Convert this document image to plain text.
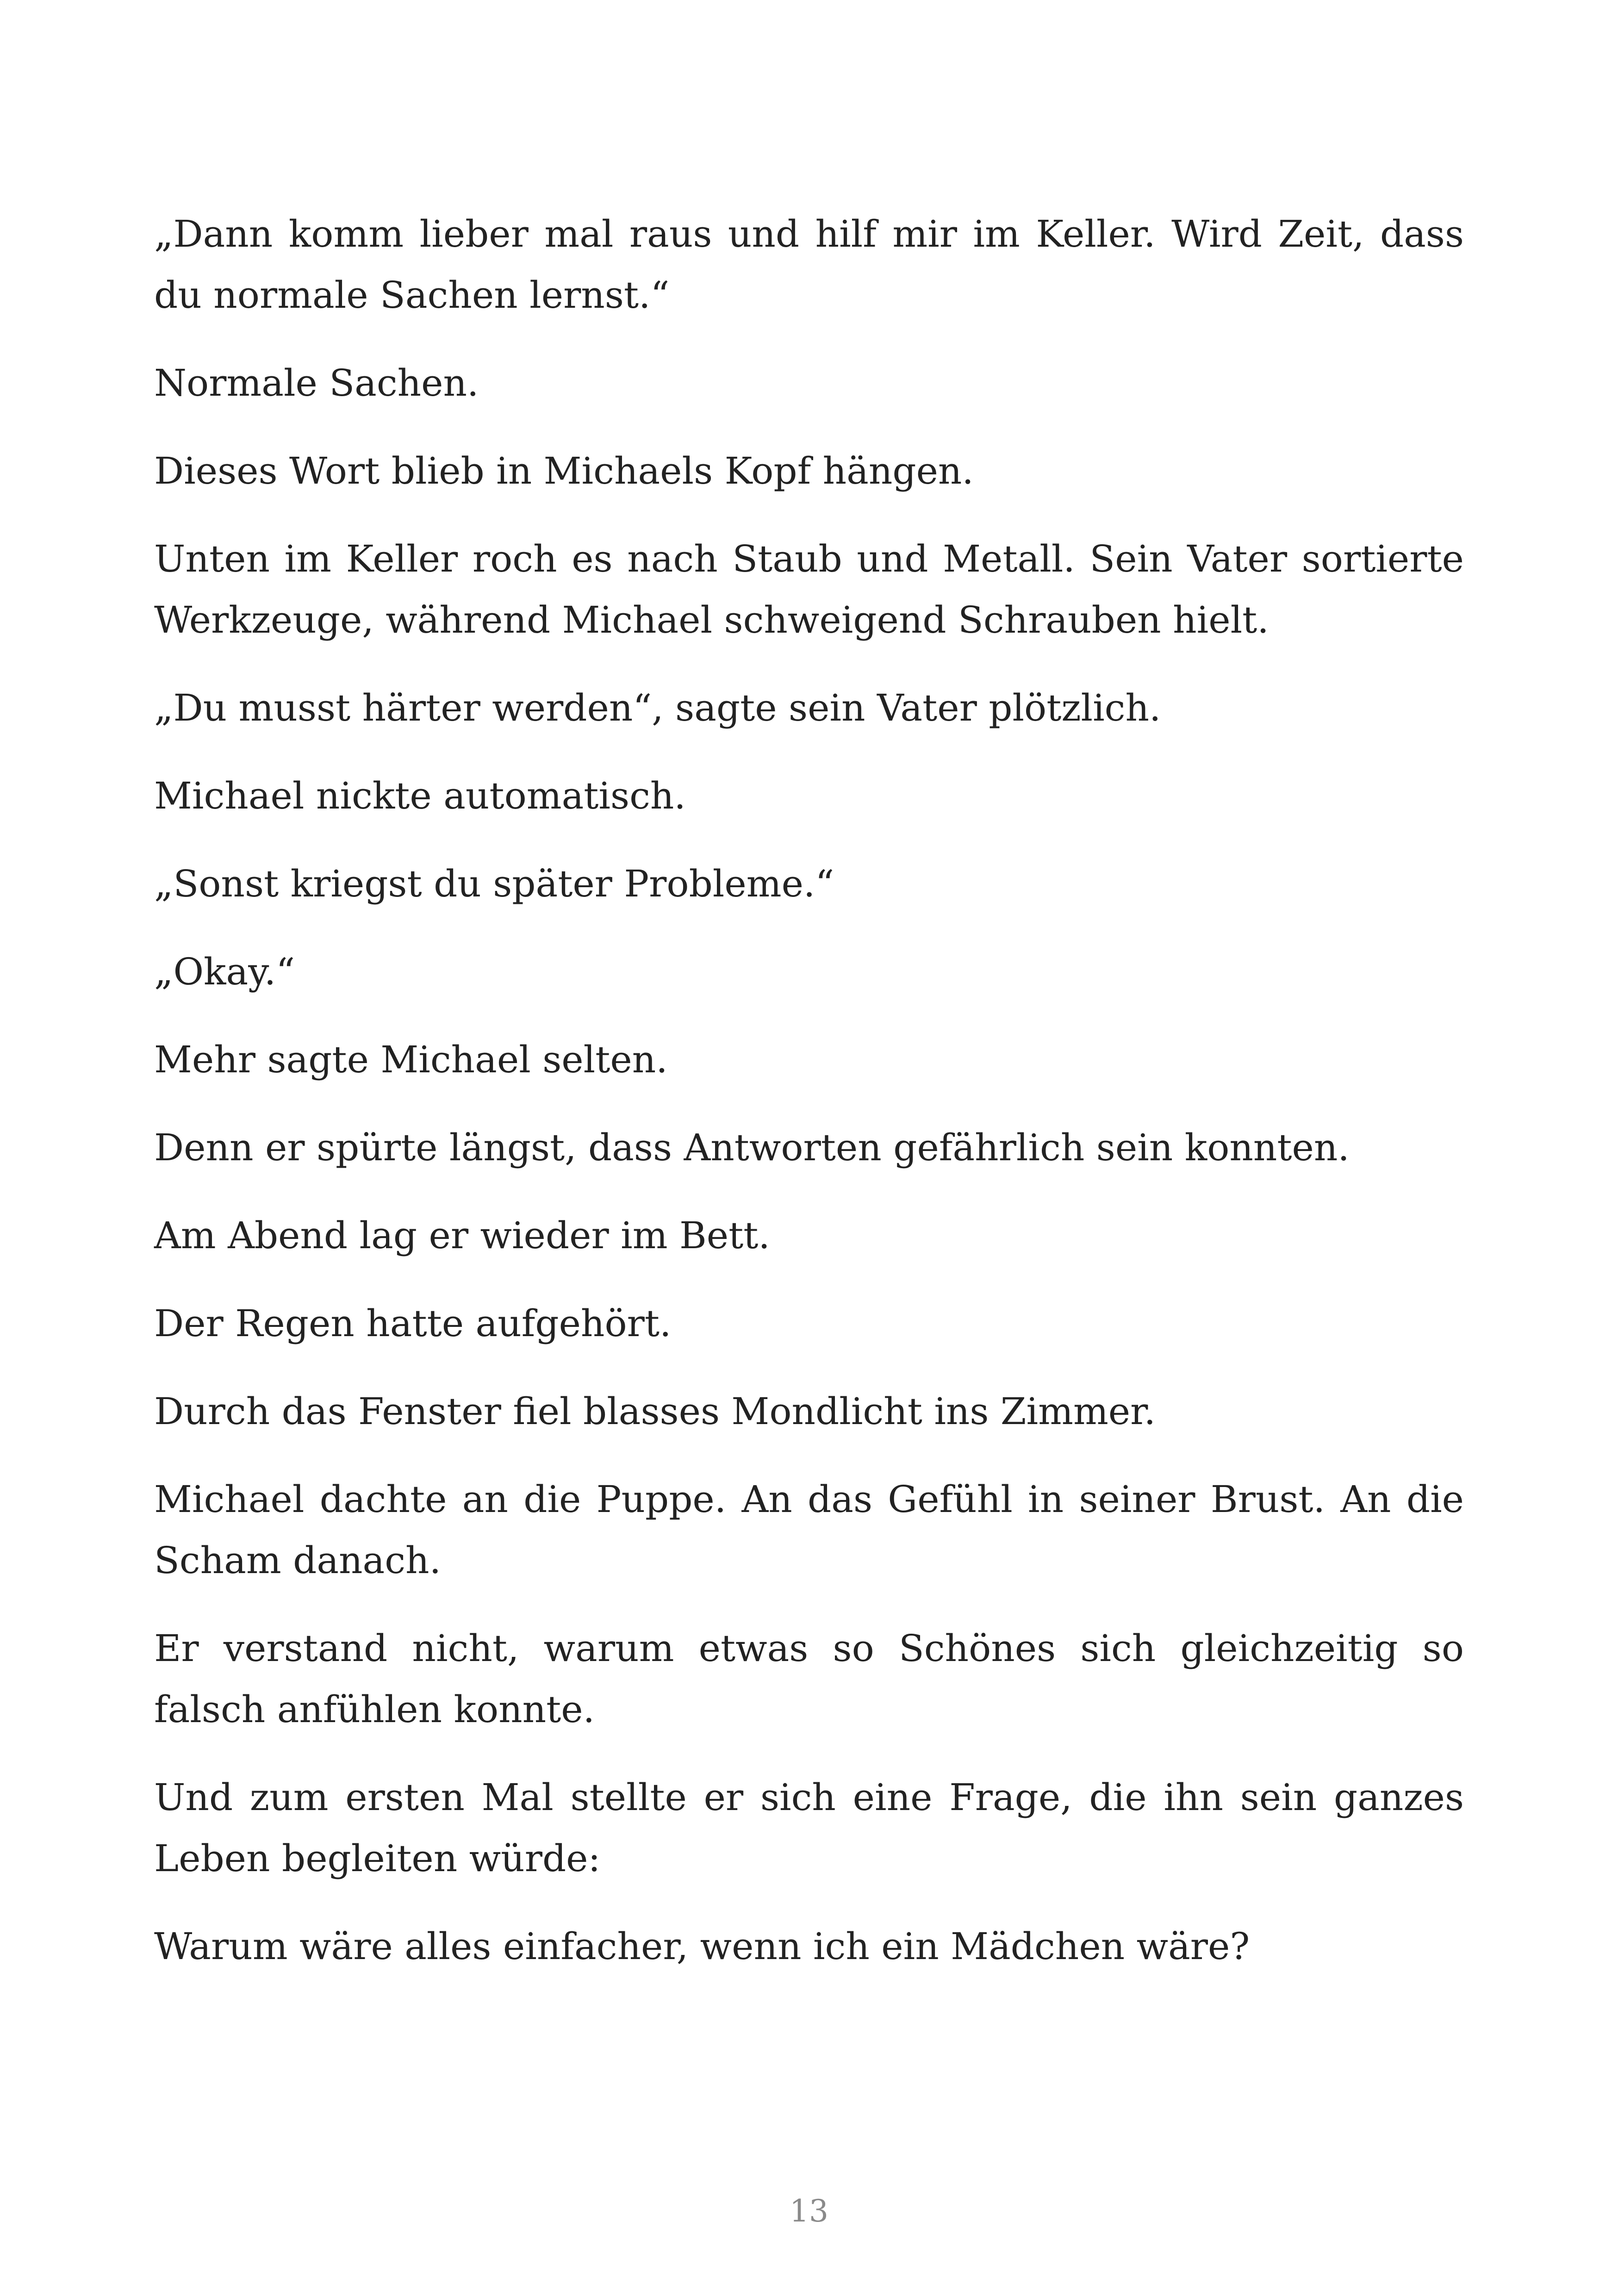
„Dann komm lieber mal raus und hilf mir im Keller. Wird Zeit, dass du normale Sachen lernst.“

Normale Sachen.

Dieses Wort blieb in Michaels Kopf hängen.

Unten im Keller roch es nach Staub und Metall. Sein Vater sortierte Werkzeuge, während Michael schweigend Schrauben hielt.

„Du musst härter werden“, sagte sein Vater plötzlich.

Michael nickte automatisch.

„Sonst kriegst du später Probleme.“

„Okay.“

Mehr sagte Michael selten.

Denn er spürte längst, dass Antworten gefährlich sein konnten.

Am Abend lag er wieder im Bett.

Der Regen hatte aufgehört.

Durch das Fenster fiel blasses Mondlicht ins Zimmer.

Michael dachte an die Puppe. An das Gefühl in seiner Brust. An die Scham danach.

Er verstand nicht, warum etwas so Schönes sich gleichzeitig so falsch anfühlen konnte.

Und zum ersten Mal stellte er sich eine Frage, die ihn sein ganzes Leben begleiten würde:

Warum wäre alles einfacher, wenn ich ein Mädchen wäre?

13
